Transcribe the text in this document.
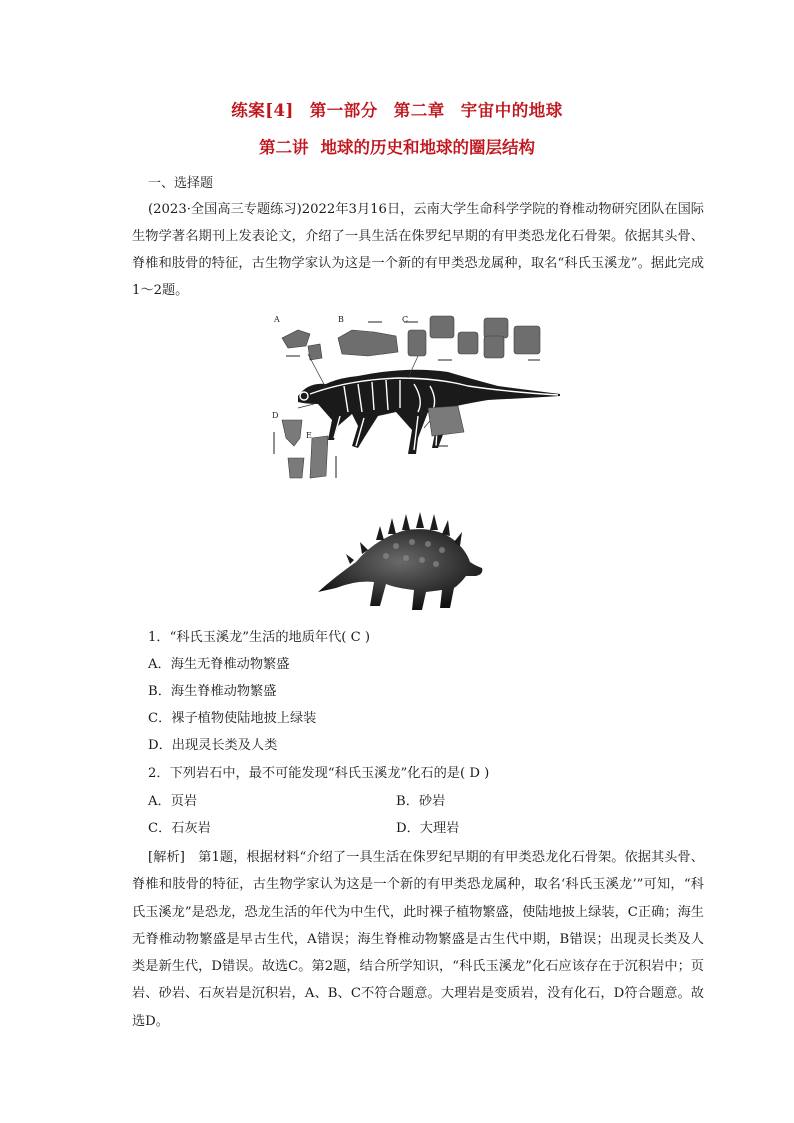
练案[4] 第一部分 第二章 宇宙中的地球
第二讲 地球的历史和地球的圈层结构
一、选择题
(2023·全国高三专题练习)2022年3月16日，云南大学生命科学学院的脊椎动物研究团队在国际生物学著名期刊上发表论文，介绍了一具生活在侏罗纪早期的有甲类恐龙化石骨架。依据其头骨、脊椎和肢骨的特征，古生物学家认为这是一个新的有甲类恐龙属种，取名“科氏玉溪龙”。据此完成1～2题。
A	B	C
D
E
F
1．“科氏玉溪龙”生活的地质年代( C )
A．海生无脊椎动物繁盛
B．海生脊椎动物繁盛
C．裸子植物使陆地披上绿装
D．出现灵长类及人类
2．下列岩石中，最不可能发现“科氏玉溪龙”化石的是( D )
A．页岩	B．砂岩
C．石灰岩	D．大理岩
[解析]　第1题，根据材料“介绍了一具生活在侏罗纪早期的有甲类恐龙化石骨架。依据其头骨、脊椎和肢骨的特征，古生物学家认为这是一个新的有甲类恐龙属种，取名‘科氏玉溪龙’”可知，“科氏玉溪龙”是恐龙，恐龙生活的年代为中生代，此时裸子植物繁盛，使陆地披上绿装，C正确；海生无脊椎动物繁盛是早古生代，A错误；海生脊椎动物繁盛是古生代中期，B错误；出现灵长类及人类是新生代，D错误。故选C。第2题，结合所学知识，“科氏玉溪龙”化石应该存在于沉积岩中；页岩、砂岩、石灰岩是沉积岩，A、B、C不符合题意。大理岩是变质岩，没有化石，D符合题意。故选D。
